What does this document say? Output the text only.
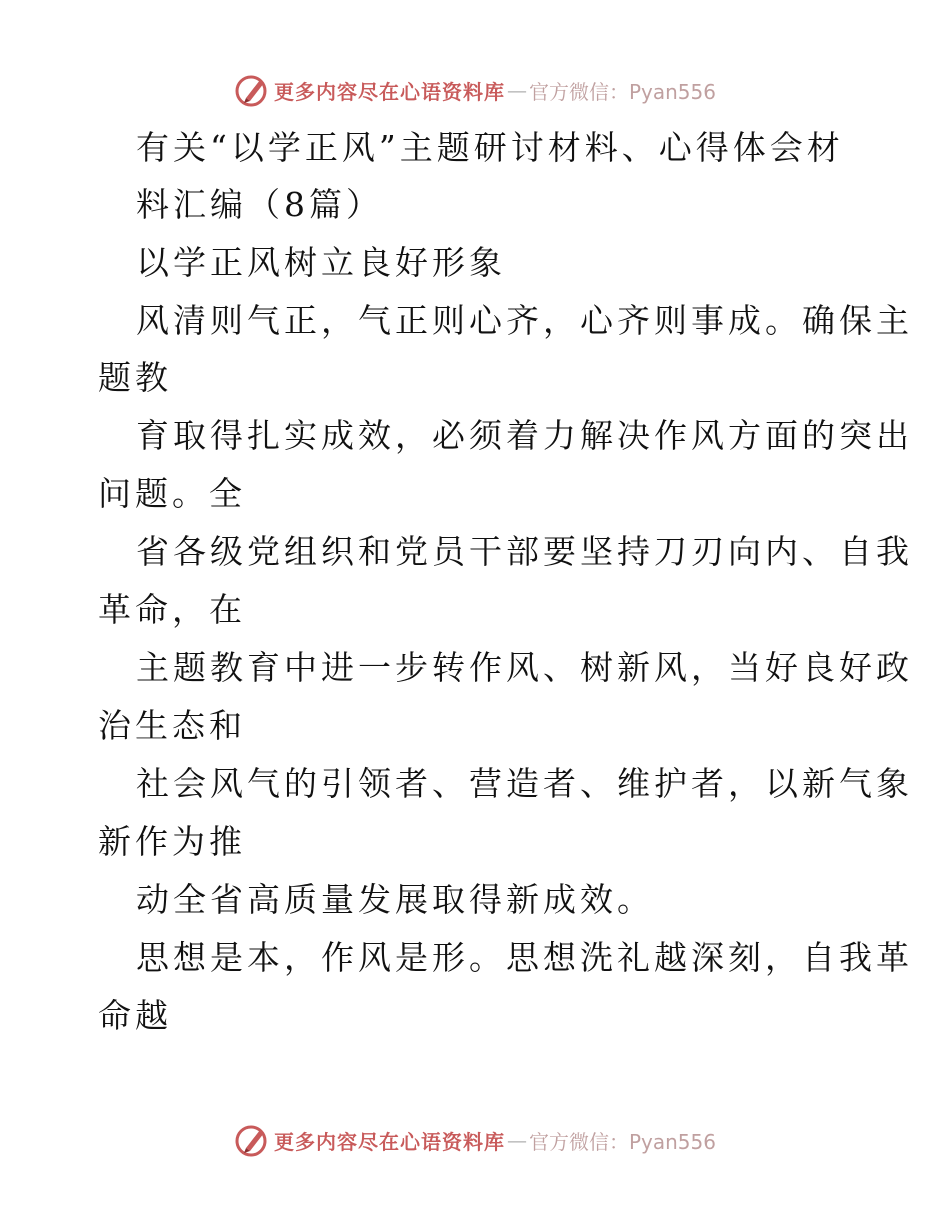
更多内容尽在心语资料库 — 官方微信：Pyan556
有关“以学正风”主题研讨材料、心得体会材
料汇编（8篇）
以学正风树立良好形象
风清则气正，气正则心齐，心齐则事成。确保主
题教
育取得扎实成效，必须着力解决作风方面的突出
问题。全
省各级党组织和党员干部要坚持刀刃向内、自我
革命，在
主题教育中进一步转作风、树新风，当好良好政
治生态和
社会风气的引领者、营造者、维护者，以新气象
新作为推
动全省高质量发展取得新成效。
思想是本，作风是形。思想洗礼越深刻，自我革
命越
更多内容尽在心语资料库 — 官方微信：Pyan556
